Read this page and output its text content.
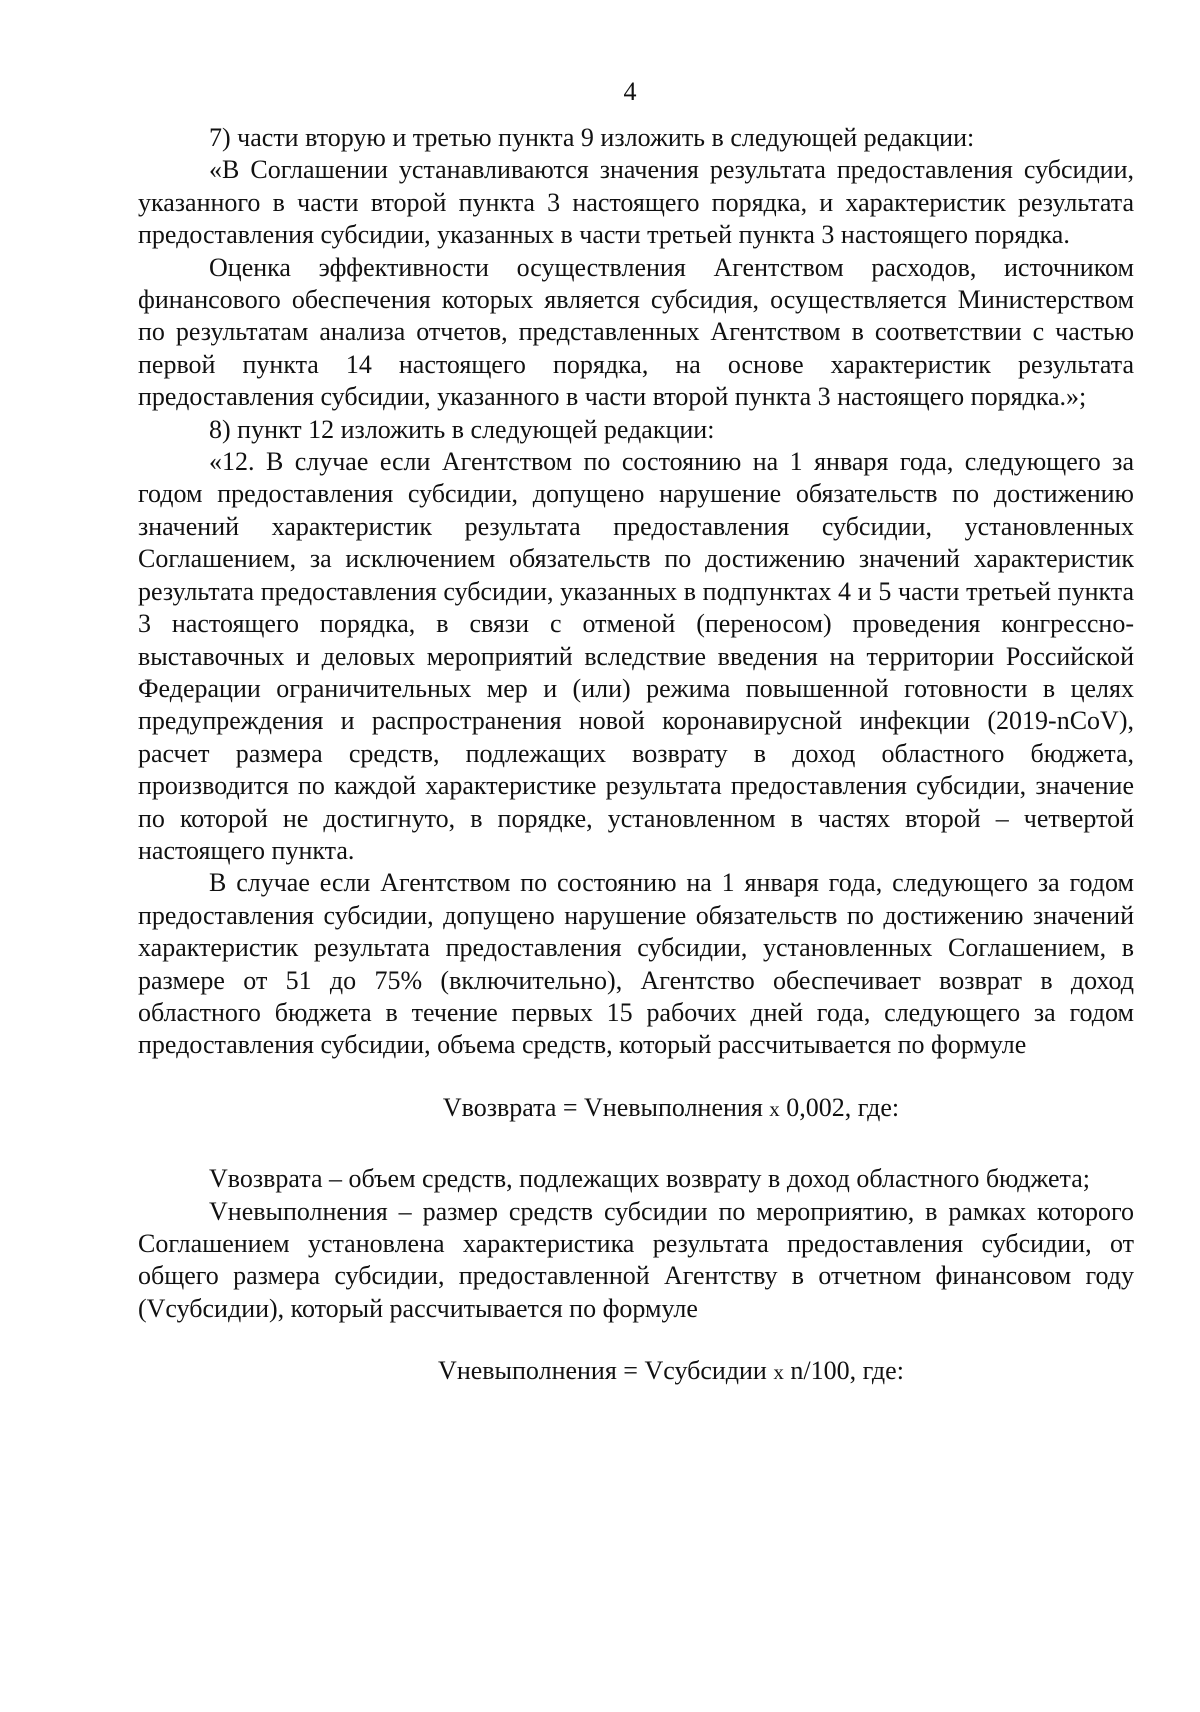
4

7) части вторую и третью пункта 9 изложить в следующей редакции:

«В Соглашении устанавливаются значения результата предоставления субсидии, указанного в части второй пункта 3 настоящего порядка, и характеристик результата предоставления субсидии, указанных в части третьей пункта 3 настоящего порядка.

Оценка эффективности осуществления Агентством расходов, источником финансового обеспечения которых является субсидия, осуществляется Министерством по результатам анализа отчетов, представленных Агентством в соответствии с частью первой пункта 14 настоящего порядка, на основе характеристик результата предоставления субсидии, указанного в части второй пункта 3 настоящего порядка.»;

8) пункт 12 изложить в следующей редакции:

«12. В случае если Агентством по состоянию на 1 января года, следующего за годом предоставления субсидии, допущено нарушение обязательств по достижению значений характеристик результата предоставления субсидии, установленных Соглашением, за исключением обязательств по достижению значений характеристик результата предоставления субсидии, указанных в подпунктах 4 и 5 части третьей пункта 3 настоящего порядка, в связи с отменой (переносом) проведения конгрессно-выставочных и деловых мероприятий вследствие введения на территории Российской Федерации ограничительных мер и (или) режима повышенной готовности в целях предупреждения и распространения новой коронавирусной инфекции (2019-nCoV), расчет размера средств, подлежащих возврату в доход областного бюджета, производится по каждой характеристике результата предоставления субсидии, значение по которой не достигнуто, в порядке, установленном в частях второй – четвертой настоящего пункта.

В случае если Агентством по состоянию на 1 января года, следующего за годом предоставления субсидии, допущено нарушение обязательств по достижению значений характеристик результата предоставления субсидии, установленных Соглашением, в размере от 51 до 75% (включительно), Агентство обеспечивает возврат в доход областного бюджета в течение первых 15 рабочих дней года, следующего за годом предоставления субсидии, объема средств, который рассчитывается по формуле

Vвозврата = Vневыполнения x 0,002, где:

Vвозврата – объем средств, подлежащих возврату в доход областного бюджета;

Vневыполнения – размер средств субсидии по мероприятию, в рамках которого Соглашением установлена характеристика результата предоставления субсидии, от общего размера субсидии, предоставленной Агентству в отчетном финансовом году (Vсубсидии), который рассчитывается по формуле

Vневыполнения = Vсубсидии x n/100, где:
